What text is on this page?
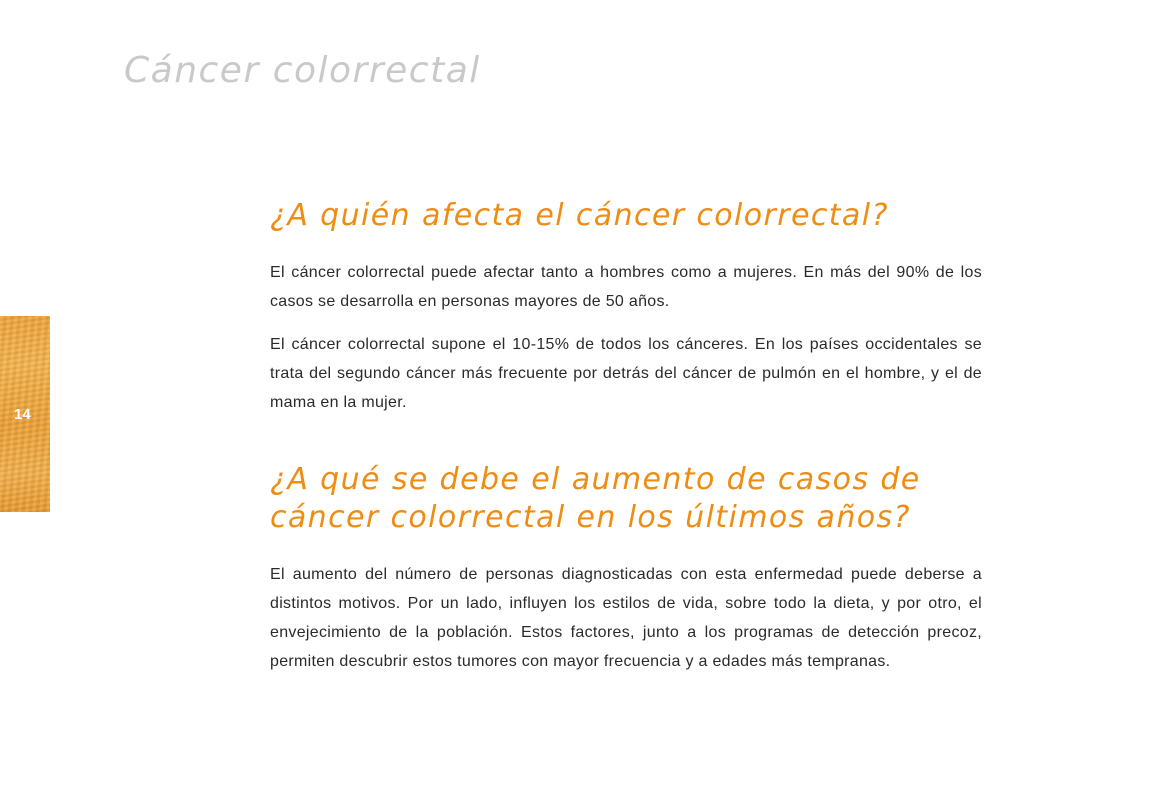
Cáncer colorrectal
14
¿A quién afecta el cáncer colorrectal?

El cáncer colorrectal puede afectar tanto a hombres como a mujeres. En más del 90% de los casos se desarrolla en personas mayores de 50 años.

El cáncer colorrectal supone el 10-15% de todos los cánceres. En los países occidentales se trata del segundo cáncer más frecuente por detrás del cáncer de pulmón en el hombre, y el de mama en la mujer.

¿A qué se debe el aumento de casos de cáncer colorrectal en los últimos años?

El aumento del número de personas diagnosticadas con esta enfermedad puede deberse a distintos motivos. Por un lado, influyen los estilos de vida, sobre todo la dieta, y por otro, el envejecimiento de la población. Estos factores, junto a los programas de detección precoz, permiten descubrir estos tumores con mayor frecuencia y a edades más tempranas.
